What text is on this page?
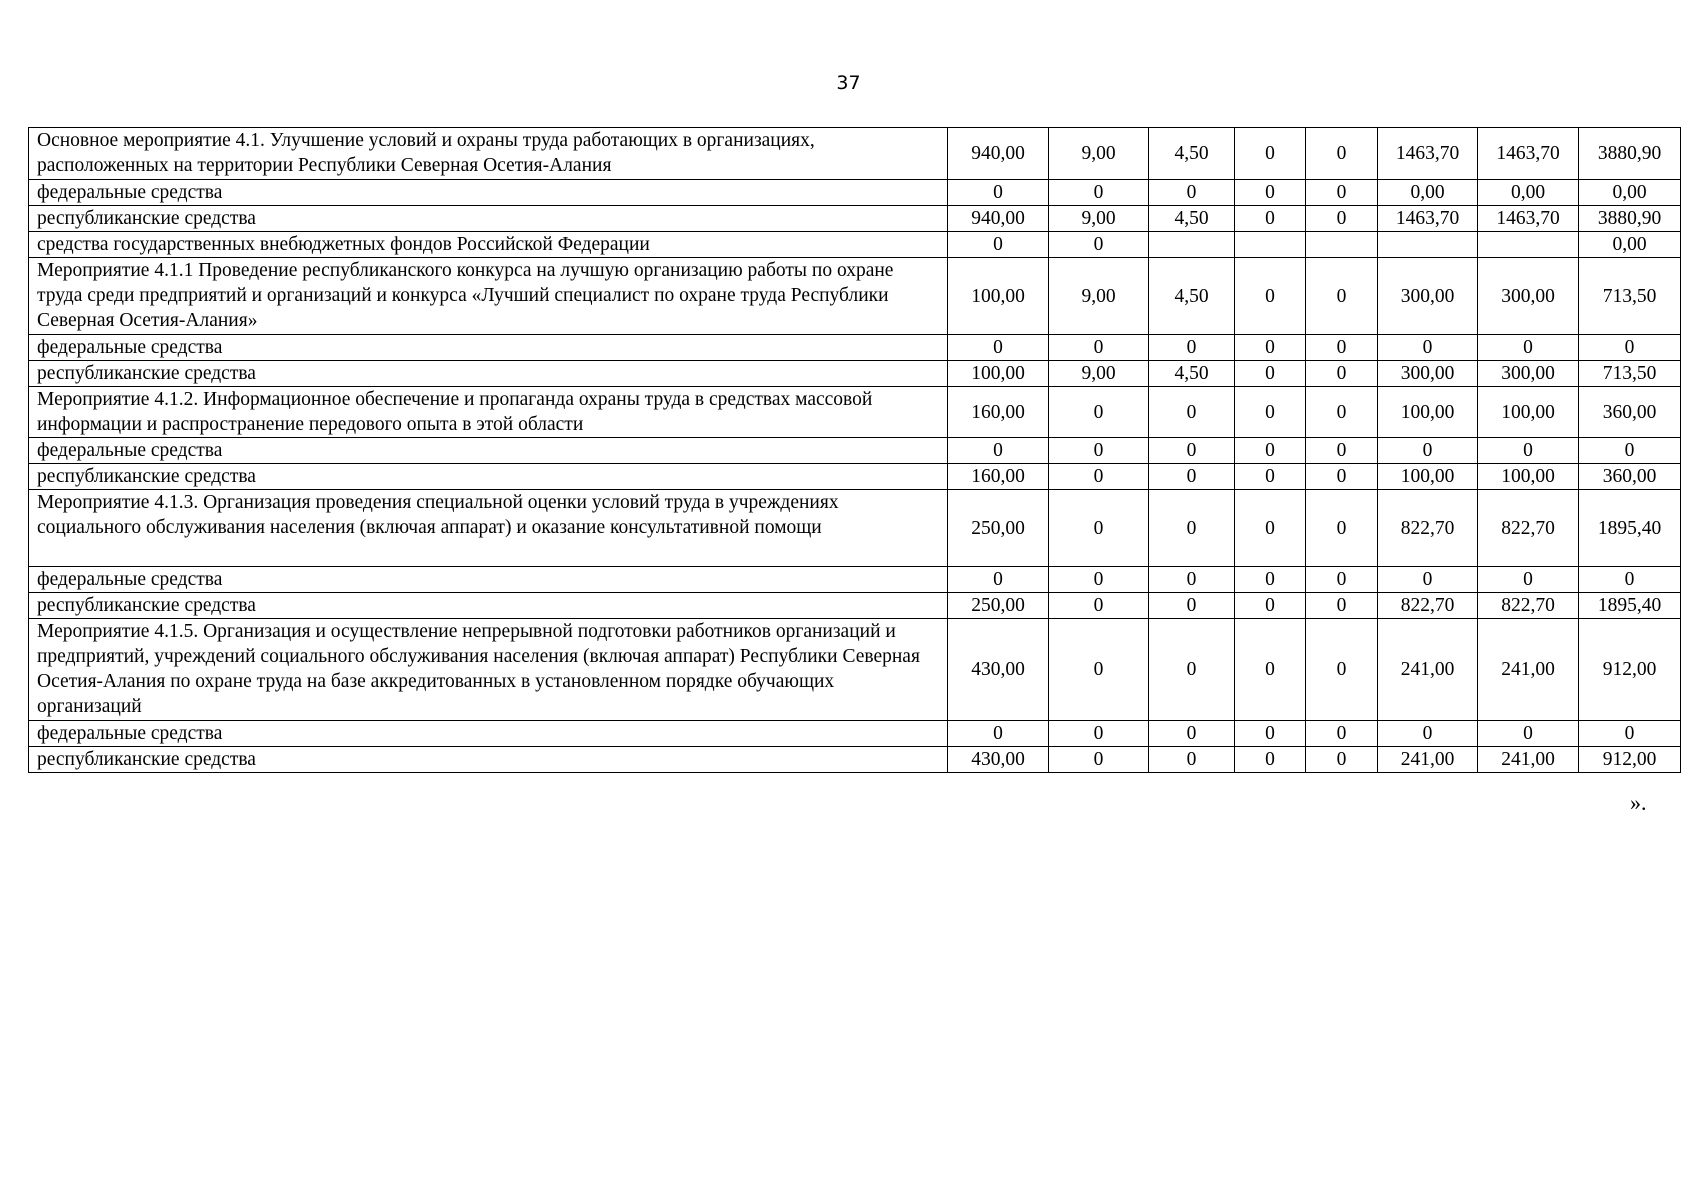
37
Основное мероприятие 4.1. Улучшение условий и охраны труда работающих в организациях, расположенных на территории Республики Северная Осетия-Алания	940,00	9,00	4,50	0	0	1463,70	1463,70	3880,90
федеральные средства	0	0	0	0	0	0,00	0,00	0,00
республиканские средства	940,00	9,00	4,50	0	0	1463,70	1463,70	3880,90
средства государственных внебюджетных фондов Российской Федерации	0	0						0,00
Мероприятие 4.1.1 Проведение республиканского конкурса на лучшую организацию работы по охране труда среди предприятий и организаций и конкурса «Лучший специалист по охране труда Республики Северная Осетия-Алания»	100,00	9,00	4,50	0	0	300,00	300,00	713,50
федеральные средства	0	0	0	0	0	0	0	0
республиканские средства	100,00	9,00	4,50	0	0	300,00	300,00	713,50
Мероприятие 4.1.2. Информационное обеспечение и пропаганда охраны труда в средствах массовой информации и распространение передового опыта в этой области	160,00	0	0	0	0	100,00	100,00	360,00
федеральные средства	0	0	0	0	0	0	0	0
республиканские средства	160,00	0	0	0	0	100,00	100,00	360,00
Мероприятие 4.1.3. Организация проведения специальной оценки условий труда в учреждениях социального обслуживания населения (включая аппарат) и оказание консультативной помощи	250,00	0	0	0	0	822,70	822,70	1895,40
федеральные средства	0	0	0	0	0	0	0	0
республиканские средства	250,00	0	0	0	0	822,70	822,70	1895,40
Мероприятие 4.1.5. Организация и осуществление непрерывной подготовки работников организаций и предприятий, учреждений социального обслуживания населения (включая аппарат) Республики Северная Осетия-Алания по охране труда на базе аккредитованных в установленном порядке обучающих организаций	430,00	0	0	0	0	241,00	241,00	912,00
федеральные средства	0	0	0	0	0	0	0	0
республиканские средства	430,00	0	0	0	0	241,00	241,00	912,00
».
